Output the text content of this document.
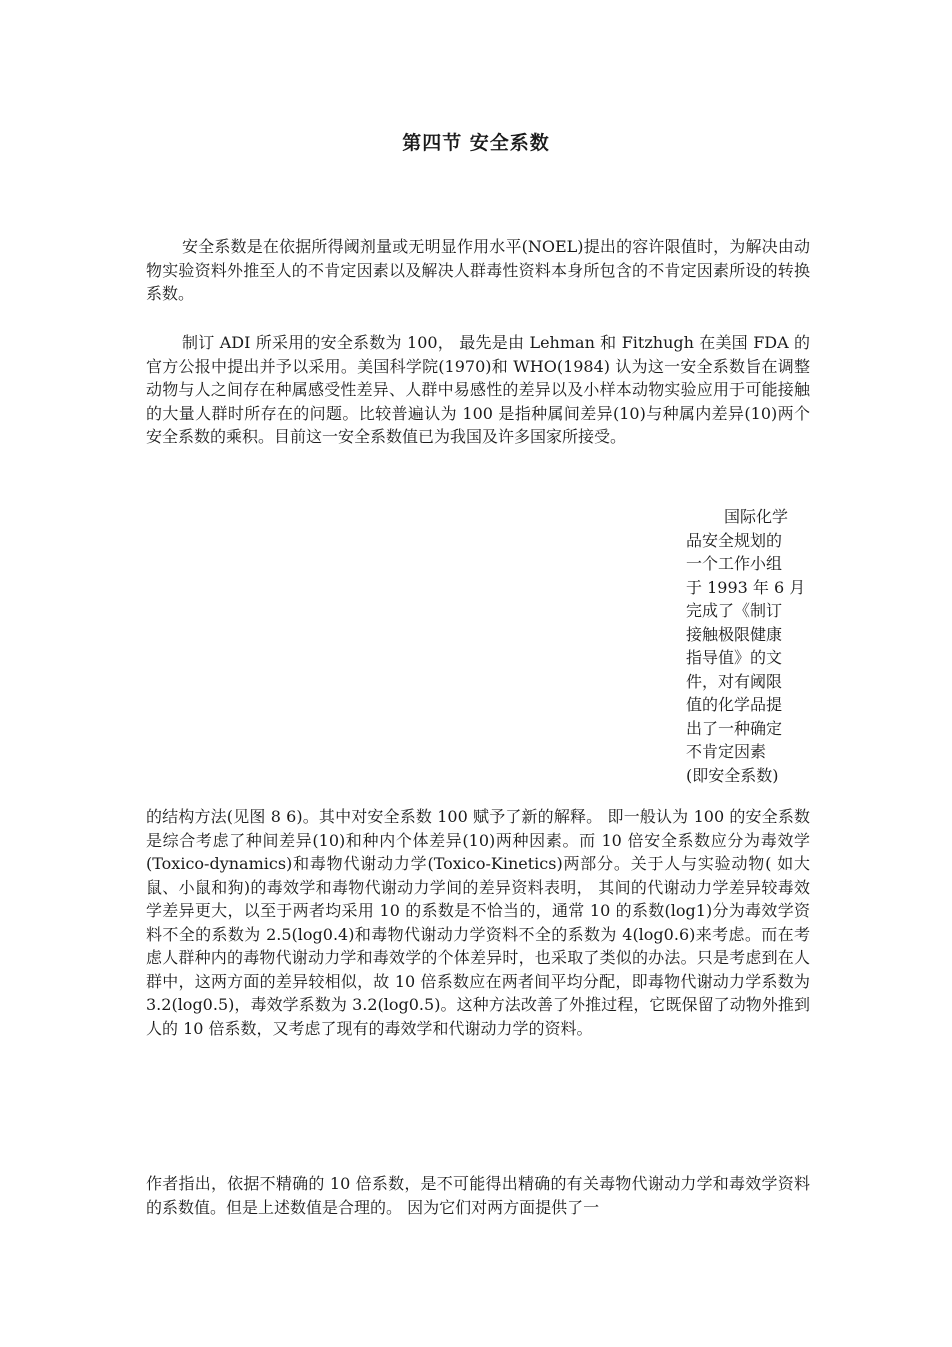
第四节 安全系数

安全系数是在依据所得阈剂量或无明显作用水平(NOEL)提出的容许限值时，为解决由动物实验资料外推至人的不肯定因素以及解决人群毒性资料本身所包含的不肯定因素所设的转换系数。

制订 ADI 所采用的安全系数为 100， 最先是由 Lehman 和 Fitzhugh 在美国 FDA 的官方公报中提出并予以采用。美国科学院(1970)和 WHO(1984) 认为这一安全系数旨在调整动物与人之间存在种属感受性差异、人群中易感性的差异以及小样本动物实验应用于可能接触的大量人群时所存在的问题。比较普遍认为 100 是指种属间差异(10)与种属内差异(10)两个安全系数的乘积。目前这一安全系数值已为我国及许多国家所接受。

国际化学
品安全规划的
一个工作小组
于 1993 年 6 月
完成了《制订
接触极限健康
指导值》的文
件，对有阈限
值的化学品提
出了一种确定
不肯定因素
(即安全系数)

的结构方法(见图 8 6)。其中对安全系数 100 赋予了新的解释。 即一般认为 100 的安全系数是综合考虑了种间差异(10)和种内个体差异(10)两种因素。而 10 倍安全系数应分为毒效学(Toxico-dynamics)和毒物代谢动力学(Toxico-Kinetics)两部分。关于人与实验动物( 如大鼠、小鼠和狗)的毒效学和毒物代谢动力学间的差异资料表明， 其间的代谢动力学差异较毒效学差异更大，以至于两者均采用 10 的系数是不恰当的，通常 10 的系数(log1)分为毒效学资料不全的系数为 2.5(log0.4)和毒物代谢动力学资料不全的系数为 4(log0.6)来考虑。而在考虑人群种内的毒物代谢动力学和毒效学的个体差异时，也采取了类似的办法。只是考虑到在人群中，这两方面的差异较相似，故 10 倍系数应在两者间平均分配，即毒物代谢动力学系数为 3.2(log0.5)，毒效学系数为 3.2(log0.5)。这种方法改善了外推过程，它既保留了动物外推到人的 10 倍系数，又考虑了现有的毒效学和代谢动力学的资料。

作者指出，依据不精确的 10 倍系数，是不可能得出精确的有关毒物代谢动力学和毒效学资料的系数值。但是上述数值是合理的。 因为它们对两方面提供了一
